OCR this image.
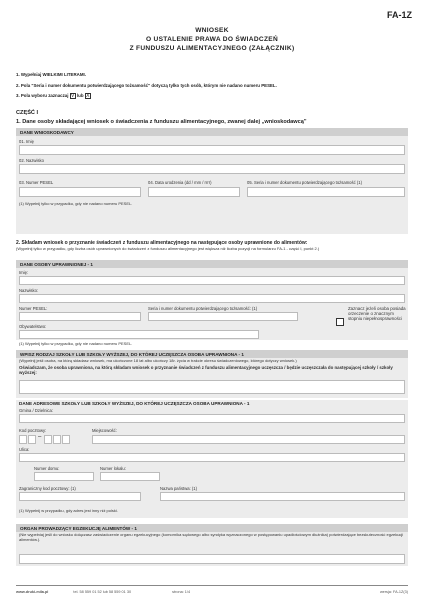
FA-1Z
WNIOSEK
O USTALENIE PRAWA DO ŚWIADCZEŃ
Z FUNDUSZU ALIMENTACYJNEGO (ZAŁĄCZNIK)
1. Wypełniaj WIELKIMI LITERAMI.
2. Pola "Seria i numer dokumentu potwierdzającego tożsamość" dotyczą tylko tych osób, którym nie nadano numeru PESEL.
3. Pola wyboru zaznaczaj V lub X
CZĘŚĆ I
1. Dane osoby składającej wniosek o świadczenia z funduszu alimentacyjnego, zwanej dalej „wnioskodawcą"
DANE WNIOSKODAWCY
01. Imię
02. Nazwisko
03. Numer PESEL	04. Data urodzenia (dd / mm / rrrr)	05. Seria i numer dokumentu potwierdzającego tożsamość (1)
(1) Wypełnij tylko w przypadku, gdy nie nadano numeru PESEL.
2. Składam wniosek o przyznanie świadczeń z funduszu alimentacyjnego na następujące osoby uprawnione do alimentów:
(Wypełnij tylko w przypadku, gdy liczba osób uprawnionych do świadczeń z funduszu alimentacyjnego jest większa niż liczba pozycji na formularzu FA-1 - część I, punkt 2.)
DANE OSOBY UPRAWNIONEJ - 1
Imię:
Nazwisko:
Numer PESEL:	Seria i numer dokumentu potwierdzającego tożsamość: (1)
Obywatelstwo:
Zaznacz jeżeli osoba posiada orzeczenie o znacznym stopniu niepełnosprawności
(1) Wypełnij tylko w przypadku, gdy nie nadano numeru PESEL.
WPISZ RODZAJ SZKOŁY LUB SZKOŁY WYŻSZEJ, DO KTÓREJ UCZĘSZCZA OSOBA UPRAWNIONA - 1
(Wypełnij jeśli osoba, na którą składasz wniosek, ma ukończone 18 lat albo ukończy 18r. życia w trakcie okresu świadczeniowego, którego dotyczy wniosek.)
Oświadczam, że osoba uprawniona, na którą składam wniosek o przyznanie świadczeń z funduszu alimentacyjnego uczęszcza / będzie uczęszczała do następującej szkoły / szkoły wyższej:
DANE ADRESOWE SZKOŁY LUB SZKOŁY WYŻSZEJ, DO KTÓREJ UCZĘSZCZA OSOBA UPRAWNIONA - 1
Gmina / Dzielnica:
Kod pocztowy:
–
Miejscowość:
Ulica:
Numer domu:	Numer lokalu:
Zagraniczny kod pocztowy: (1)	Nazwa państwa: (1)
(1) Wypełnij w przypadku, gdy adres jest inny niż polski.
ORGAN PROWADZĄCY EGZEKUCJĘ ALIMENTÓW - 1
(Nie wypełniaj jeśli do wniosku dołączasz zaświadczenie organu egzekucyjnego (komornika sądowego albo syndyka wyznaczonego w postępowaniu upadłościowym dłużnika) potwierdzające bezskuteczność egzekucji alimentów.).
www.druki-mila.pl	tel. 58 559 01 52 lub 58 559 01 30	strona: 1/4	wersja: FA-1Z(3)
